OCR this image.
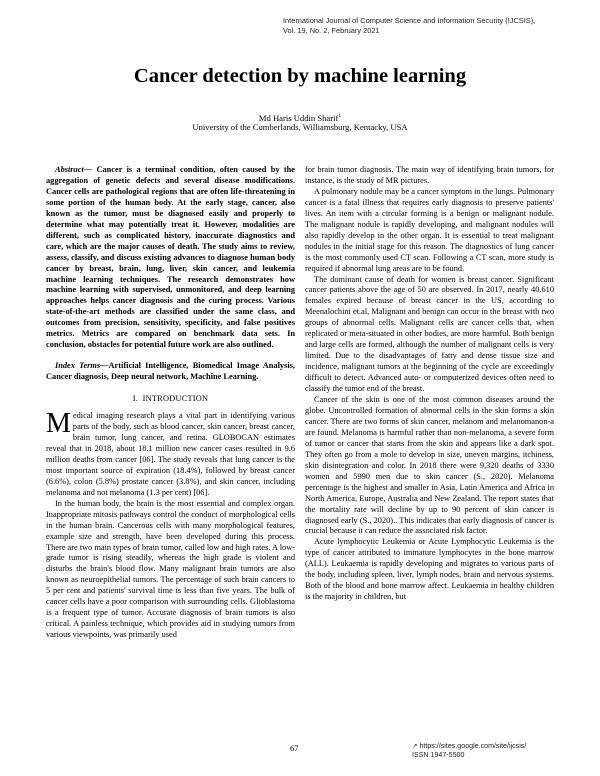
International Journal of Computer Science and Information Security (IJCSIS),
Vol. 19, No. 2, February 2021
Cancer detection by machine learning
Md Haris Uddin Sharif$^1$
University of the Cumberlands, Williamsburg, Kentacky, USA

Abstract— Cancer is a terminal condition, often caused by the aggregation of genetic defects and several disease modifications. Cancer cells are pathological regions that are often life-threatening in some portion of the human body. At the early stage, cancer, also known as the tumor, must be diagnosed easily and properly to determine what may potentially treat it. However, modalities are different, such as complicated history, inaccurate diagnostics and care, which are the major causes of death. The study aims to review, assess, classify, and discuss existing advances to diagnose human body cancer by breast, brain, lung, liver, skin cancer, and leukemia machine learning techniques. The research demonstrates how machine learning with supervised, unmonitored, and deep learning approaches helps cancer diagnosis and the curing process. Various state-of-the-art methods are classified under the same class, and outcomes from precision, sensitivity, specificity, and false positives metrics. Metrics are compared on benchmark data sets. In conclusion, obstacles for potential future work are also outlined.

Index Terms—Artificial Intelligence, Biomedical Image Analysis, Cancer diagnosis, Deep neural network, Machine Learning.

I. INTRODUCTION

Medical imaging research plays a vital part in identifying various parts of the body, such as blood cancer, skin cancer, breast cancer, brain tumor, lung cancer, and retina. GLOBOCAN estimates reveal that in 2018, about 18.1 million new cancer cases resulted in 9.6 million deaths from cancer [06]. The study reveals that lung cancer is the most important source of expiration (18.4%), followed by breast cancer (6.6%), colon (5.8%) prostate cancer (3.8%), and skin cancer, including melanoma and not melanoma (1.3 per cent) [06].

In the human body, the brain is the most essential and complex organ. Inappropriate mitosis pathways control the conduct of morphological cells in the human brain. Cancerous cells with many morphological features, example size and strength, have been developed during this process. There are two main types of brain tumor, called low and high rates. A low-grade tumor is rising steadily, whereas the high grade is violent and disturbs the brain's blood flow. Many malignant brain tumors are also known as neuroepithelial tumors. The percentage of such brain cancers to 5 per cent and patients' survival time is less than five years. The bulk of cancer cells have a poor comparison with surrounding cells. Glioblastoma is a frequent type of tumor. Accurate diagnosis of brain tumors is also critical. A painless technique, which provides aid in studying tumors from various viewpoints, was primarily used

for brain tumor diagnosis. The main way of identifying brain tumors, for instance, is the study of MR pictures.

A pulmonary nodule may be a cancer symptom in the lungs. Pulmonary cancer is a fatal illness that requires early diagnosis to preserve patients' lives. An item with a circular forming is a benign or malignant nodule. The malignant nodule is rapidly developing, and malignant nodules will also rapidly develop in the other organ. It is essential to treat malignant nodules in the initial stage for this reason. The diagnostics of lung cancer is the most commonly used CT scan. Following a CT scan, more study is required if abnormal lung areas are to be found.

The dominant cause of death for women is breast cancer. Significant cancer patients above the age of 50 are observed. In 2017, nearly 40.610 females expired because of breast cancer in the US, according to Meenalochini et.al, Malignant and benign can occur in the breast with two groups of abnormal cells. Malignant cells are cancer cells that, when replicated or meta-situated in other bodies, are more harmful. Both benign and large cells are formed, although the number of malignant cells is very limited. Due to the disadvantages of fatty and dense tissue size and incidence, malignant tumors at the beginning of the cycle are exceedingly difficult to detect. Advanced auto- or computerized devices often need to classify the tumor end of the breast.

Cancer of the skin is one of the most common diseases around the globe. Uncontrolled formation of abnormal cells in the skin forms a skin cancer. There are two forms of skin cancer, melanom and melanomanon-a are found. Melanoma is harmful rather than non-melanoma, a severe form of tumor or cancer that starts from the skin and appears like a dark spot. They often go from a mole to develop in size, uneven margins, itchiness, skin disintegration and color. In 2018 there were 9,320 deaths of 3330 women and 5990 men due to skin cancer (S., 2020). Melanoma percentage is the highest and smaller in Asia, Latin America and Africa in North America, Europe, Australia and New Zealand. The report states that the mortality rate will decline by up to 90 percent of skin cancer is diagnosed early (S., 2020).. This indicates that early diagnosis of cancer is crucial because it can reduce the associated risk factor.

Acute lymphocytic Leukemia or Acute Lymphocytic Leukemia is the type of cancer attributed to immature lymphocytes in the bone marrow (ALL). Leukaemia is rapidly developing and migrates to various parts of the body, including spleen, liver, lymph nodes, brain and nervous systems. Both of the blood and bone marrow affect. Leukaemia in healthy children is the majority in children, but

67	↗ https://sites.google.com/site/ijcsis/
ISSN 1947-5500
